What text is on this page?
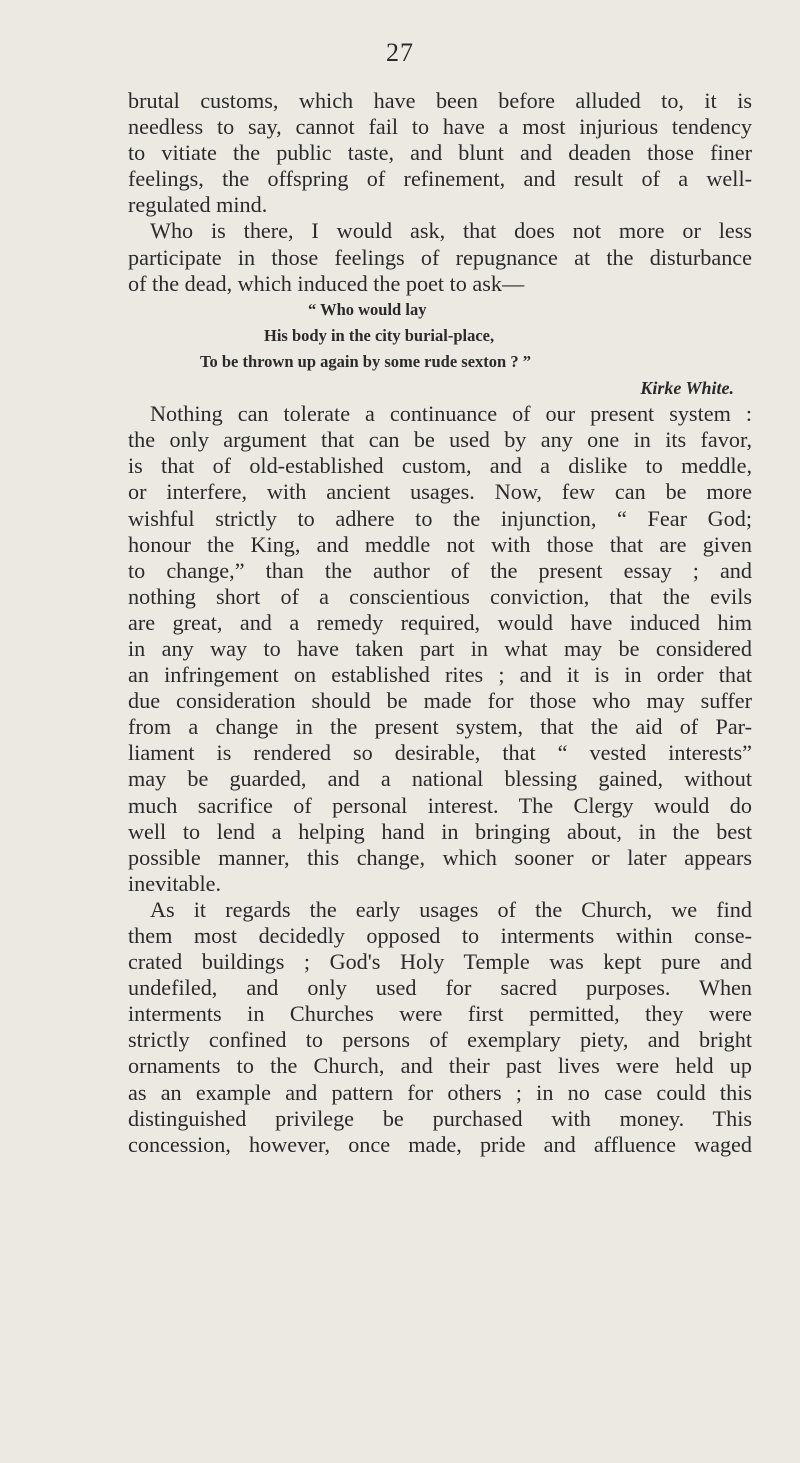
27
brutal customs, which have been before alluded to, it is
needless to say, cannot fail to have a most injurious tendency
to vitiate the public taste, and blunt and deaden those finer
feelings, the offspring of refinement, and result of a well-
regulated mind.
Who is there, I would ask, that does not more or less
participate in those feelings of repugnance at the disturbance
of the dead, which induced the poet to ask—
“ Who would lay
His body in the city burial-place,
To be thrown up again by some rude sexton ? ”
Kirke White.
Nothing can tolerate a continuance of our present system :
the only argument that can be used by any one in its favor,
is that of old-established custom, and a dislike to meddle,
or interfere, with ancient usages. Now, few can be more
wishful strictly to adhere to the injunction, “ Fear God;
honour the King, and meddle not with those that are given
to change,” than the author of the present essay ; and
nothing short of a conscientious conviction, that the evils
are great, and a remedy required, would have induced him
in any way to have taken part in what may be considered
an infringement on established rites ; and it is in order that
due consideration should be made for those who may suffer
from a change in the present system, that the aid of Par-
liament is rendered so desirable, that “ vested interests”
may be guarded, and a national blessing gained, without
much sacrifice of personal interest. The Clergy would do
well to lend a helping hand in bringing about, in the best
possible manner, this change, which sooner or later appears
inevitable.
As it regards the early usages of the Church, we find
them most decidedly opposed to interments within conse-
crated buildings ; God's Holy Temple was kept pure and
undefiled, and only used for sacred purposes. When
interments in Churches were first permitted, they were
strictly confined to persons of exemplary piety, and bright
ornaments to the Church, and their past lives were held up
as an example and pattern for others ; in no case could this
distinguished privilege be purchased with money. This
concession, however, once made, pride and affluence waged
